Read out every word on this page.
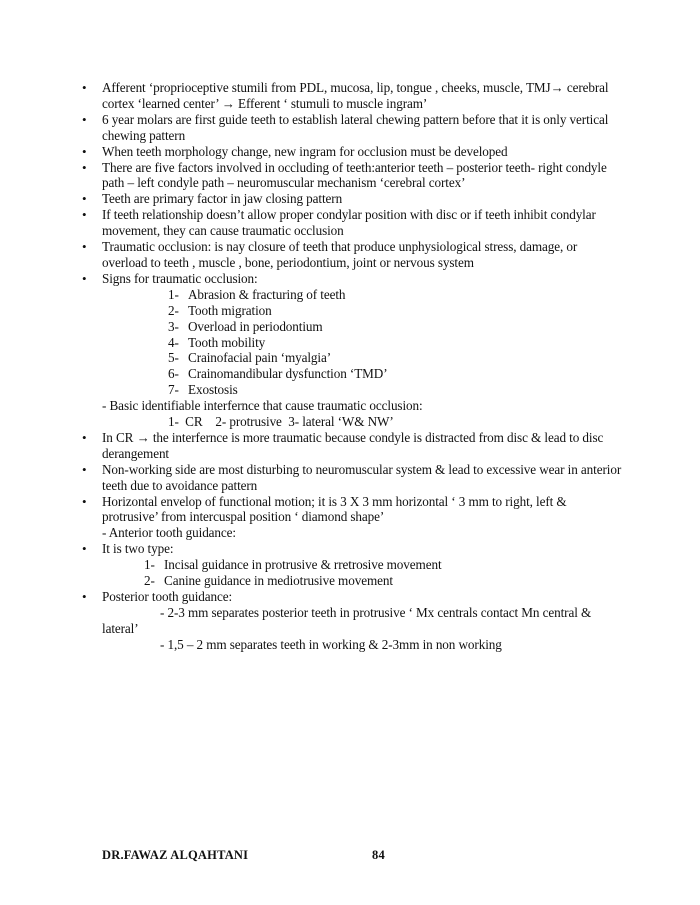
• Afferent ‘proprioceptive stumili from PDL, mucosa, lip, tongue , cheeks, muscle, TMJ→ cerebral cortex ‘learned center’ → Efferent ‘ stumuli to muscle ingram’
• 6 year molars are first guide teeth to establish lateral chewing pattern before that it is only vertical chewing pattern
• When teeth morphology change, new ingram for occlusion must be developed
• There are five factors involved in occluding of teeth:anterior teeth – posterior teeth- right condyle path – left condyle path – neuromuscular mechanism ‘cerebral cortex’
• Teeth are primary factor in jaw closing pattern
• If teeth relationship doesn’t allow proper condylar position with disc or if teeth inhibit condylar movement, they can cause traumatic occlusion
• Traumatic occlusion: is nay closure of teeth that produce unphysiological stress, damage, or overload to teeth , muscle , bone, periodontium, joint or nervous system
• Signs for traumatic occlusion:
1- Abrasion & fracturing of teeth
2- Tooth migration
3- Overload in periodontium
4- Tooth mobility
5- Crainofacial pain ‘myalgia’
6- Crainomandibular dysfunction ‘TMD’
7- Exostosis
- Basic identifiable interfernce that cause traumatic occlusion:
1-  CR    2- protrusive  3- lateral ‘W& NW’
• In CR → the interfernce is more traumatic because condyle is distracted from disc & lead to disc derangement
• Non-working side are most disturbing to neuromuscular system & lead to excessive wear in anterior teeth due to avoidance pattern
• Horizontal envelop of functional motion; it is 3 X 3 mm horizontal ‘ 3 mm to right, left & protrusive’ from intercuspal position ‘ diamond shape’
- Anterior tooth guidance:
• It is two type:
1- Incisal guidance in protrusive & rretrosive movement
2- Canine guidance in mediotrusive movement
• Posterior tooth guidance:
- 2-3 mm separates posterior teeth in protrusive ‘ Mx centrals contact Mn central & lateral’
- 1,5 – 2 mm separates teeth in working & 2-3mm in non working
DR.FAWAZ ALQAHTANI	84
